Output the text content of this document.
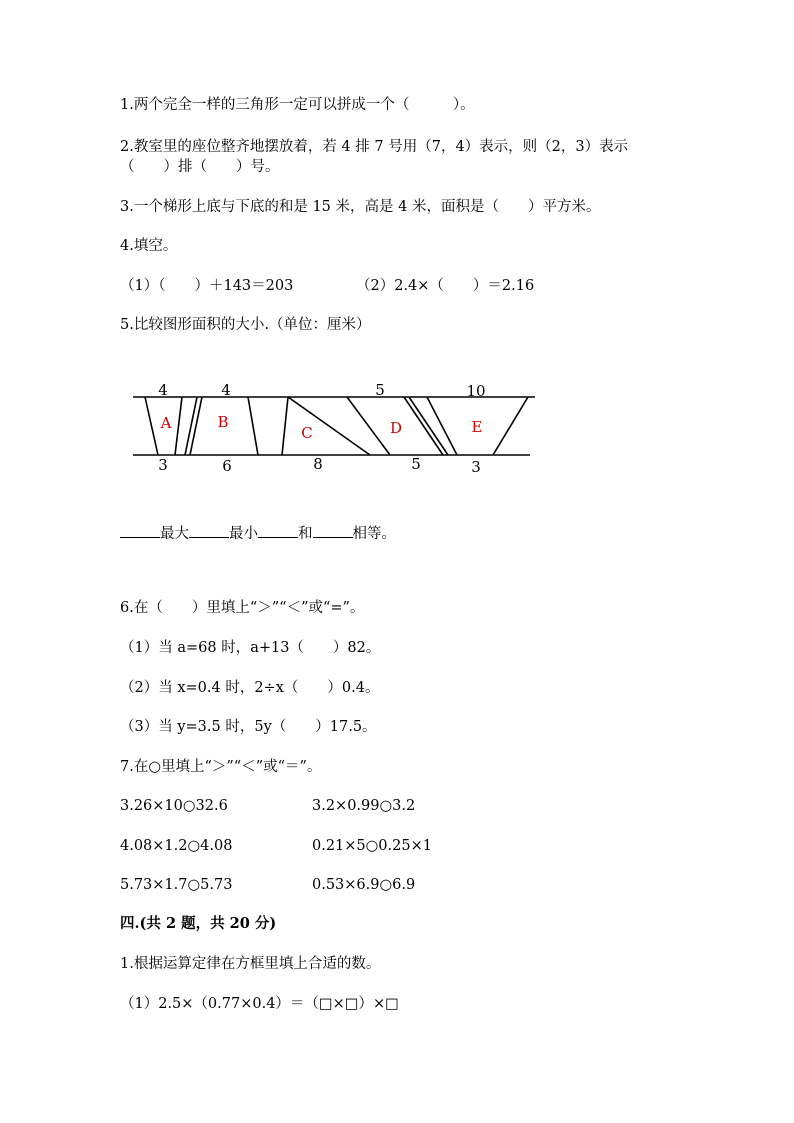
1.两个完全一样的三角形一定可以拼成一个（　　　）。
2.教室里的座位整齐地摆放着，若 4 排 7 号用（7，4）表示，则（2，3）表示
（　　）排（　　）号。
3.一个梯形上底与下底的和是 15 米，高是 4 米，面积是（　　）平方米。
4.填空。
（1）（　　）＋143＝203	（2）2.4×（　　）＝2.16
5.比较图形面积的大小.（单位：厘米）
4	4	5	10
3	6	8	5	3
A	B
C	D	E
最大	最小	和	相等。
6.在（　　）里填上“＞”“＜”或“=”。
（1）当 a=68 时，a+13（　　）82。
（2）当 x=0.4 时，2÷x（　　）0.4。
（3）当 y=3.5 时，5y（　　）17.5。
7.在○里填上“＞”“＜”或“＝”。
3.26×10○32.6	3.2×0.99○3.2
4.08×1.2○4.08	0.21×5○0.25×1
5.73×1.7○5.73	0.53×6.9○6.9
四.(共 2 题，共 20 分)
1.根据运算定律在方框里填上合适的数。
（1）2.5×（0.77×0.4）＝（□×□）×□
